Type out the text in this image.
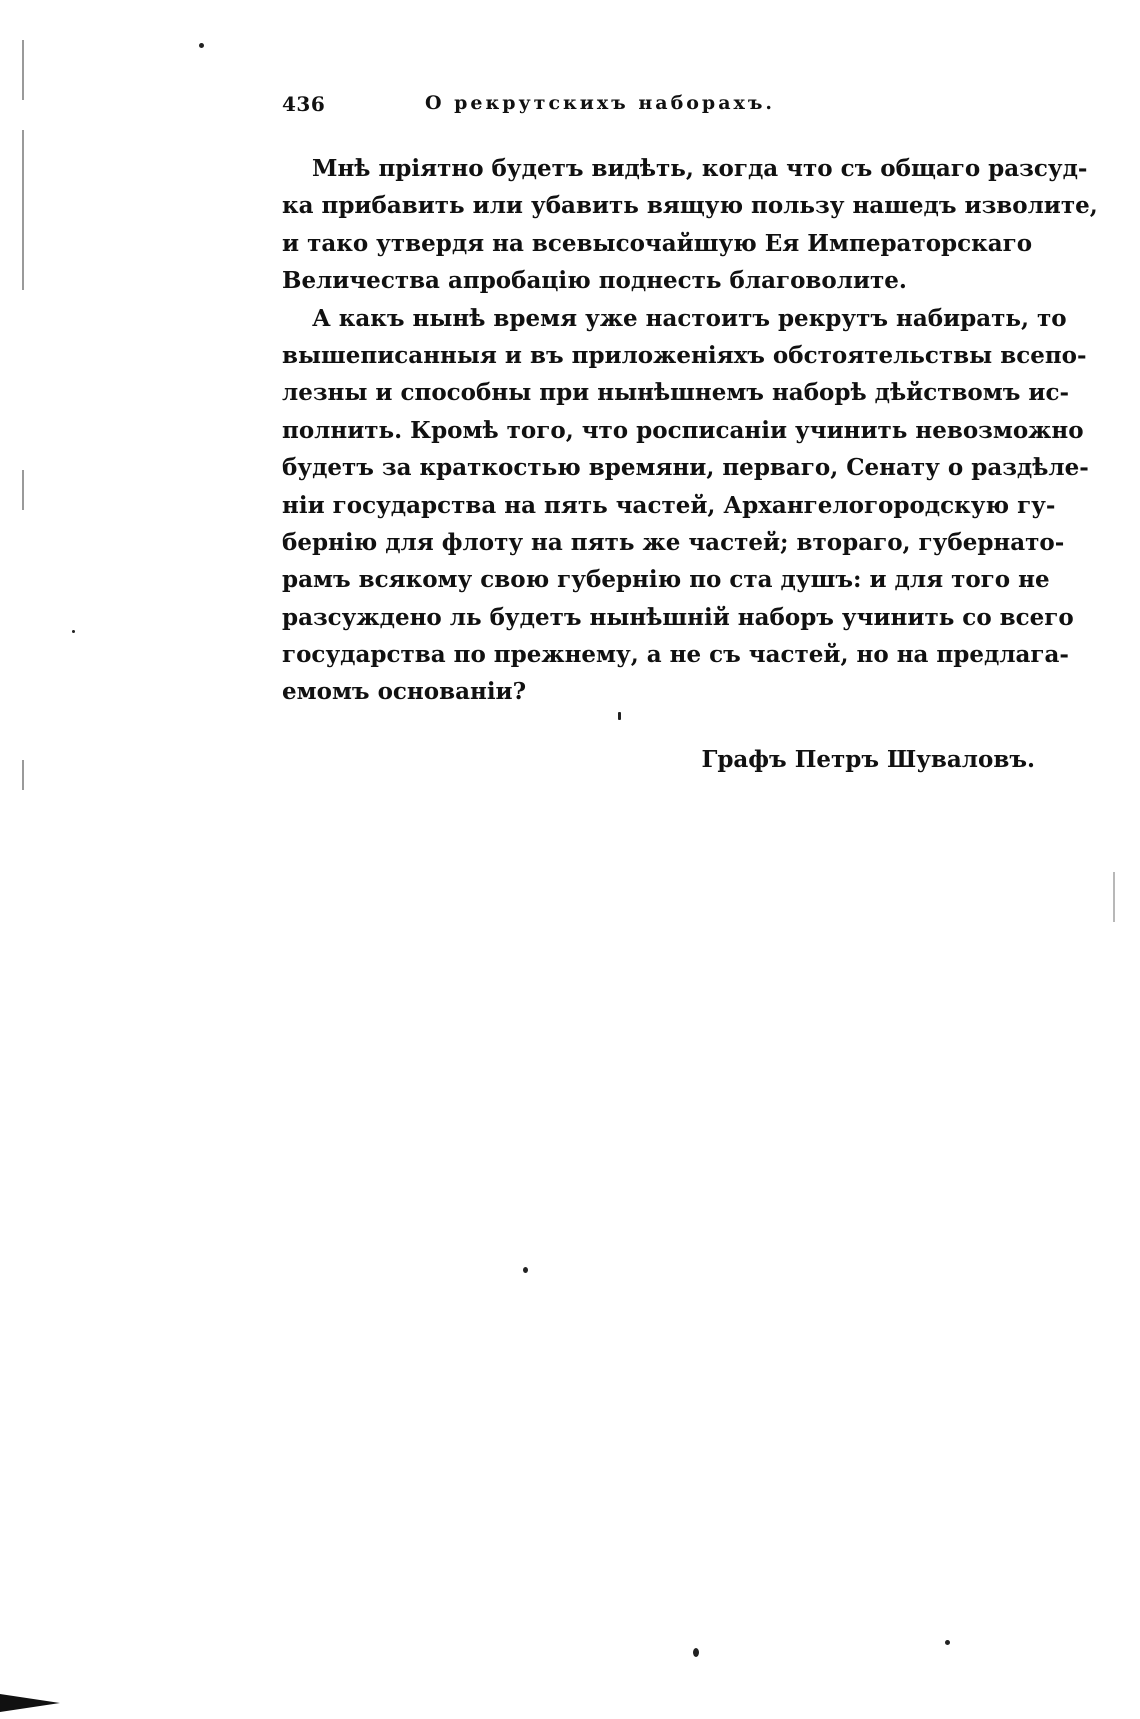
436	О рекрутскихъ наборахъ.

Мнѣ пріятно будетъ видѣть, когда что съ общаго разсуд-
ка прибавить или убавить вящую пользу нашедъ изволите,
и тако утвердя на всевысочайшую Ея Императорскаго
Величества апробацію поднесть благоволите.

А какъ нынѣ время уже настоитъ рекрутъ набирать, то
вышеписанныя и въ приложеніяхъ обстоятельствы всепо-
лезны и способны при нынѣшнемъ наборѣ дѣйствомъ ис-
полнить. Кромѣ того, что росписаніи учинить невозможно
будетъ за краткостью времяни, перваго, Сенату о раздѣле-
ніи государства на пять частей, Архангелогородскую гу-
бернію для флоту на пять же частей; втораго, губернато-
рамъ всякому свою губернію по ста душъ: и для того не
разсуждено ль будетъ нынѣшній наборъ учинить со всего
государства по прежнему, а не съ частей, но на предлага-
емомъ основаніи?

Графъ Петръ Шуваловъ.
